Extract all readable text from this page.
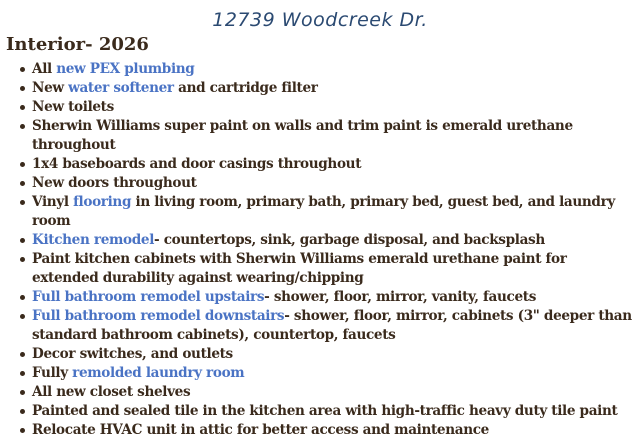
12739 Woodcreek Dr.
Interior- 2026
All new PEX plumbing
New water softener and cartridge filter
New toilets
Sherwin Williams super paint on walls and trim paint is emerald urethane throughout
1x4 baseboards and door casings throughout
New doors throughout
Vinyl flooring in living room, primary bath, primary bed, guest bed, and laundry room
Kitchen remodel- countertops, sink, garbage disposal, and backsplash
Paint kitchen cabinets with Sherwin Williams emerald urethane paint for extended durability against wearing/chipping
Full bathroom remodel upstairs- shower, floor, mirror, vanity, faucets
Full bathroom remodel downstairs- shower, floor, mirror, cabinets (3" deeper than standard bathroom cabinets), countertop, faucets
Decor switches, and outlets
Fully remolded laundry room
All new closet shelves
Painted and sealed tile in the kitchen area with high-traffic heavy duty tile paint
Relocate HVAC unit in attic for better access and maintenance
